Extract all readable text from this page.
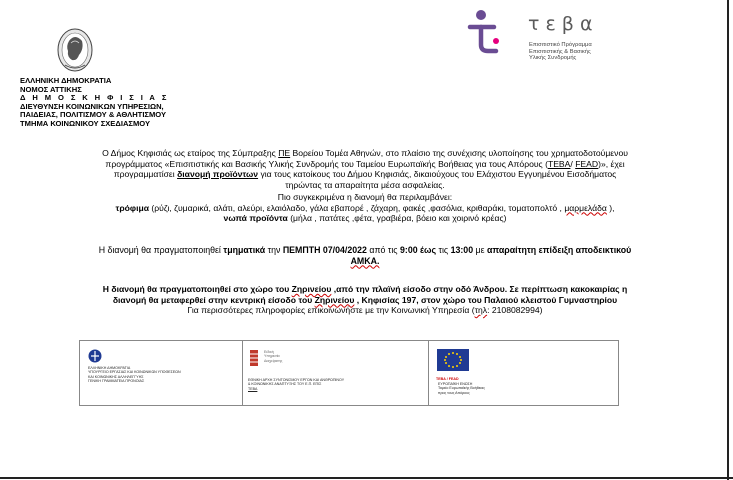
ΕΛΛΗΝΙΚΗ ΔΗΜΟΚΡΑΤΙΑ
ΝΟΜΟΣ ΑΤΤΙΚΗΣ
Δ Η Μ Ο Σ Κ Η Φ Ι Σ Ι Α Σ
ΔΙΕΥΘΥΝΣΗ ΚΟΙΝΩΝΙΚΩΝ ΥΠΗΡΕΣΙΩΝ,
ΠΑΙΔΕΙΑΣ, ΠΟΛΙΤΙΣΜΟΥ & ΑΘΛΗΤΙΣΜΟΥ
ΤΜΗΜΑ ΚΟΙΝΩΝΙΚΟΥ ΣΧΕΔΙΑΣΜΟΥ
τ ε β α
Επισιτιστικό Πρόγραμμα
Επισιτιστικής & Βασικής
Υλικής Συνδρομής
Ο Δήμος Κηφισιάς ως εταίρος της Σύμπραξης ΠΕ Βορείου Τομέα Αθηνών, στο πλαίσιο της συνέχισης υλοποίησης του χρηματοδοτούμενου
προγράμματος «Επισιτιστικής και Βασικής Υλικής Συνδρομής του Ταμείου Ευρωπαϊκής Βοήθειας για τους Απόρους (ΤΕΒΑ/ FEAD)», έχει
προγραμματίσει διανομή προϊόντων για τους κατοίκους του Δήμου Κηφισιάς, δικαιούχους του Ελάχιστου Εγγυημένου Εισοδήματος
τηρώντας τα απαραίτητα μέσα ασφαλείας.
Πιο συγκεκριμένα η διανομή θα περιλαμβάνει:
τρόφιμα (ρύζι, ζυμαρικά, αλάτι, αλεύρι, ελαιόλαδο, γάλα εβαπορέ , ζάχαρη, φακές ,φασόλια, κριθαράκι, τοματοπολτό , μαρμελάδα ),
νωπά προϊόντα (μήλα , πατάτες ,φέτα, γραβιέρα, βόειο και χοιρινό κρέας)
Η διανομή θα πραγματοποιηθεί τμηματικά την ΠΕΜΠΤΗ 07/04/2022 από τις 9:00 έως τις 13:00 με απαραίτητη επίδειξη αποδεικτικού
ΑΜΚΑ.
Η διανομή θα πραγματοποιηθεί στο χώρο του Ζηρινείου ,από την πλαϊνή είσοδο στην οδό Άνδρου. Σε περίπτωση κακοκαιρίας η
διανομή θα μεταφερθεί στην κεντρική είσοδο του Ζηρινείου , Κηφισίας 197, στον χώρο του Παλαιού κλειστού Γυμναστηρίου
Για περισσότερες πληροφορίες επικοινωνήστε με την Κοινωνική Υπηρεσία (τηλ: 2108082994)
ΕΛΛΗΝΙΚΗ ΔΗΜΟΚΡΑΤΙΑ
ΥΠΟΥΡΓΕΙΟ ΕΡΓΑΣΙΑΣ ΚΑΙ ΚΟΙΝΩΝΙΚΩΝ ΥΠΟΘΕΣΕΩΝ
ΚΑΙ ΚΟΙΝΩΝΙΚΗΣ ΑΛΛΗΛΕΓΓΥΗΣ
ΓΕΝΙΚΗ ΓΡΑΜΜΑΤΕΙΑ ΠΡΟΝΟΙΑΣ
Ειδική
Υπηρεσία
Διαχείρισης
ΕΘΝΙΚΗ ΑΡΧΗ ΣΥΝΤΟΝΙΣΜΟΥ ΕΡΓΩΝ ΚΑΙ ΑΝΘΡΩΠΙΝΟΥ
& ΚΟΙΝΩΝΙΚΗΣ ΑΝΑΠΤΥΞΗΣ ΤΟΥ Ε.Π. ΕΠΙΣ
ΤΕΒΑ
ΤΕΒΑ / FEAD
ΕΥΡΩΠΑΪΚΗ ΕΝΩΣΗ
Ταμείο Ευρωπαϊκής Βοήθειας
προς τους Απόρους
